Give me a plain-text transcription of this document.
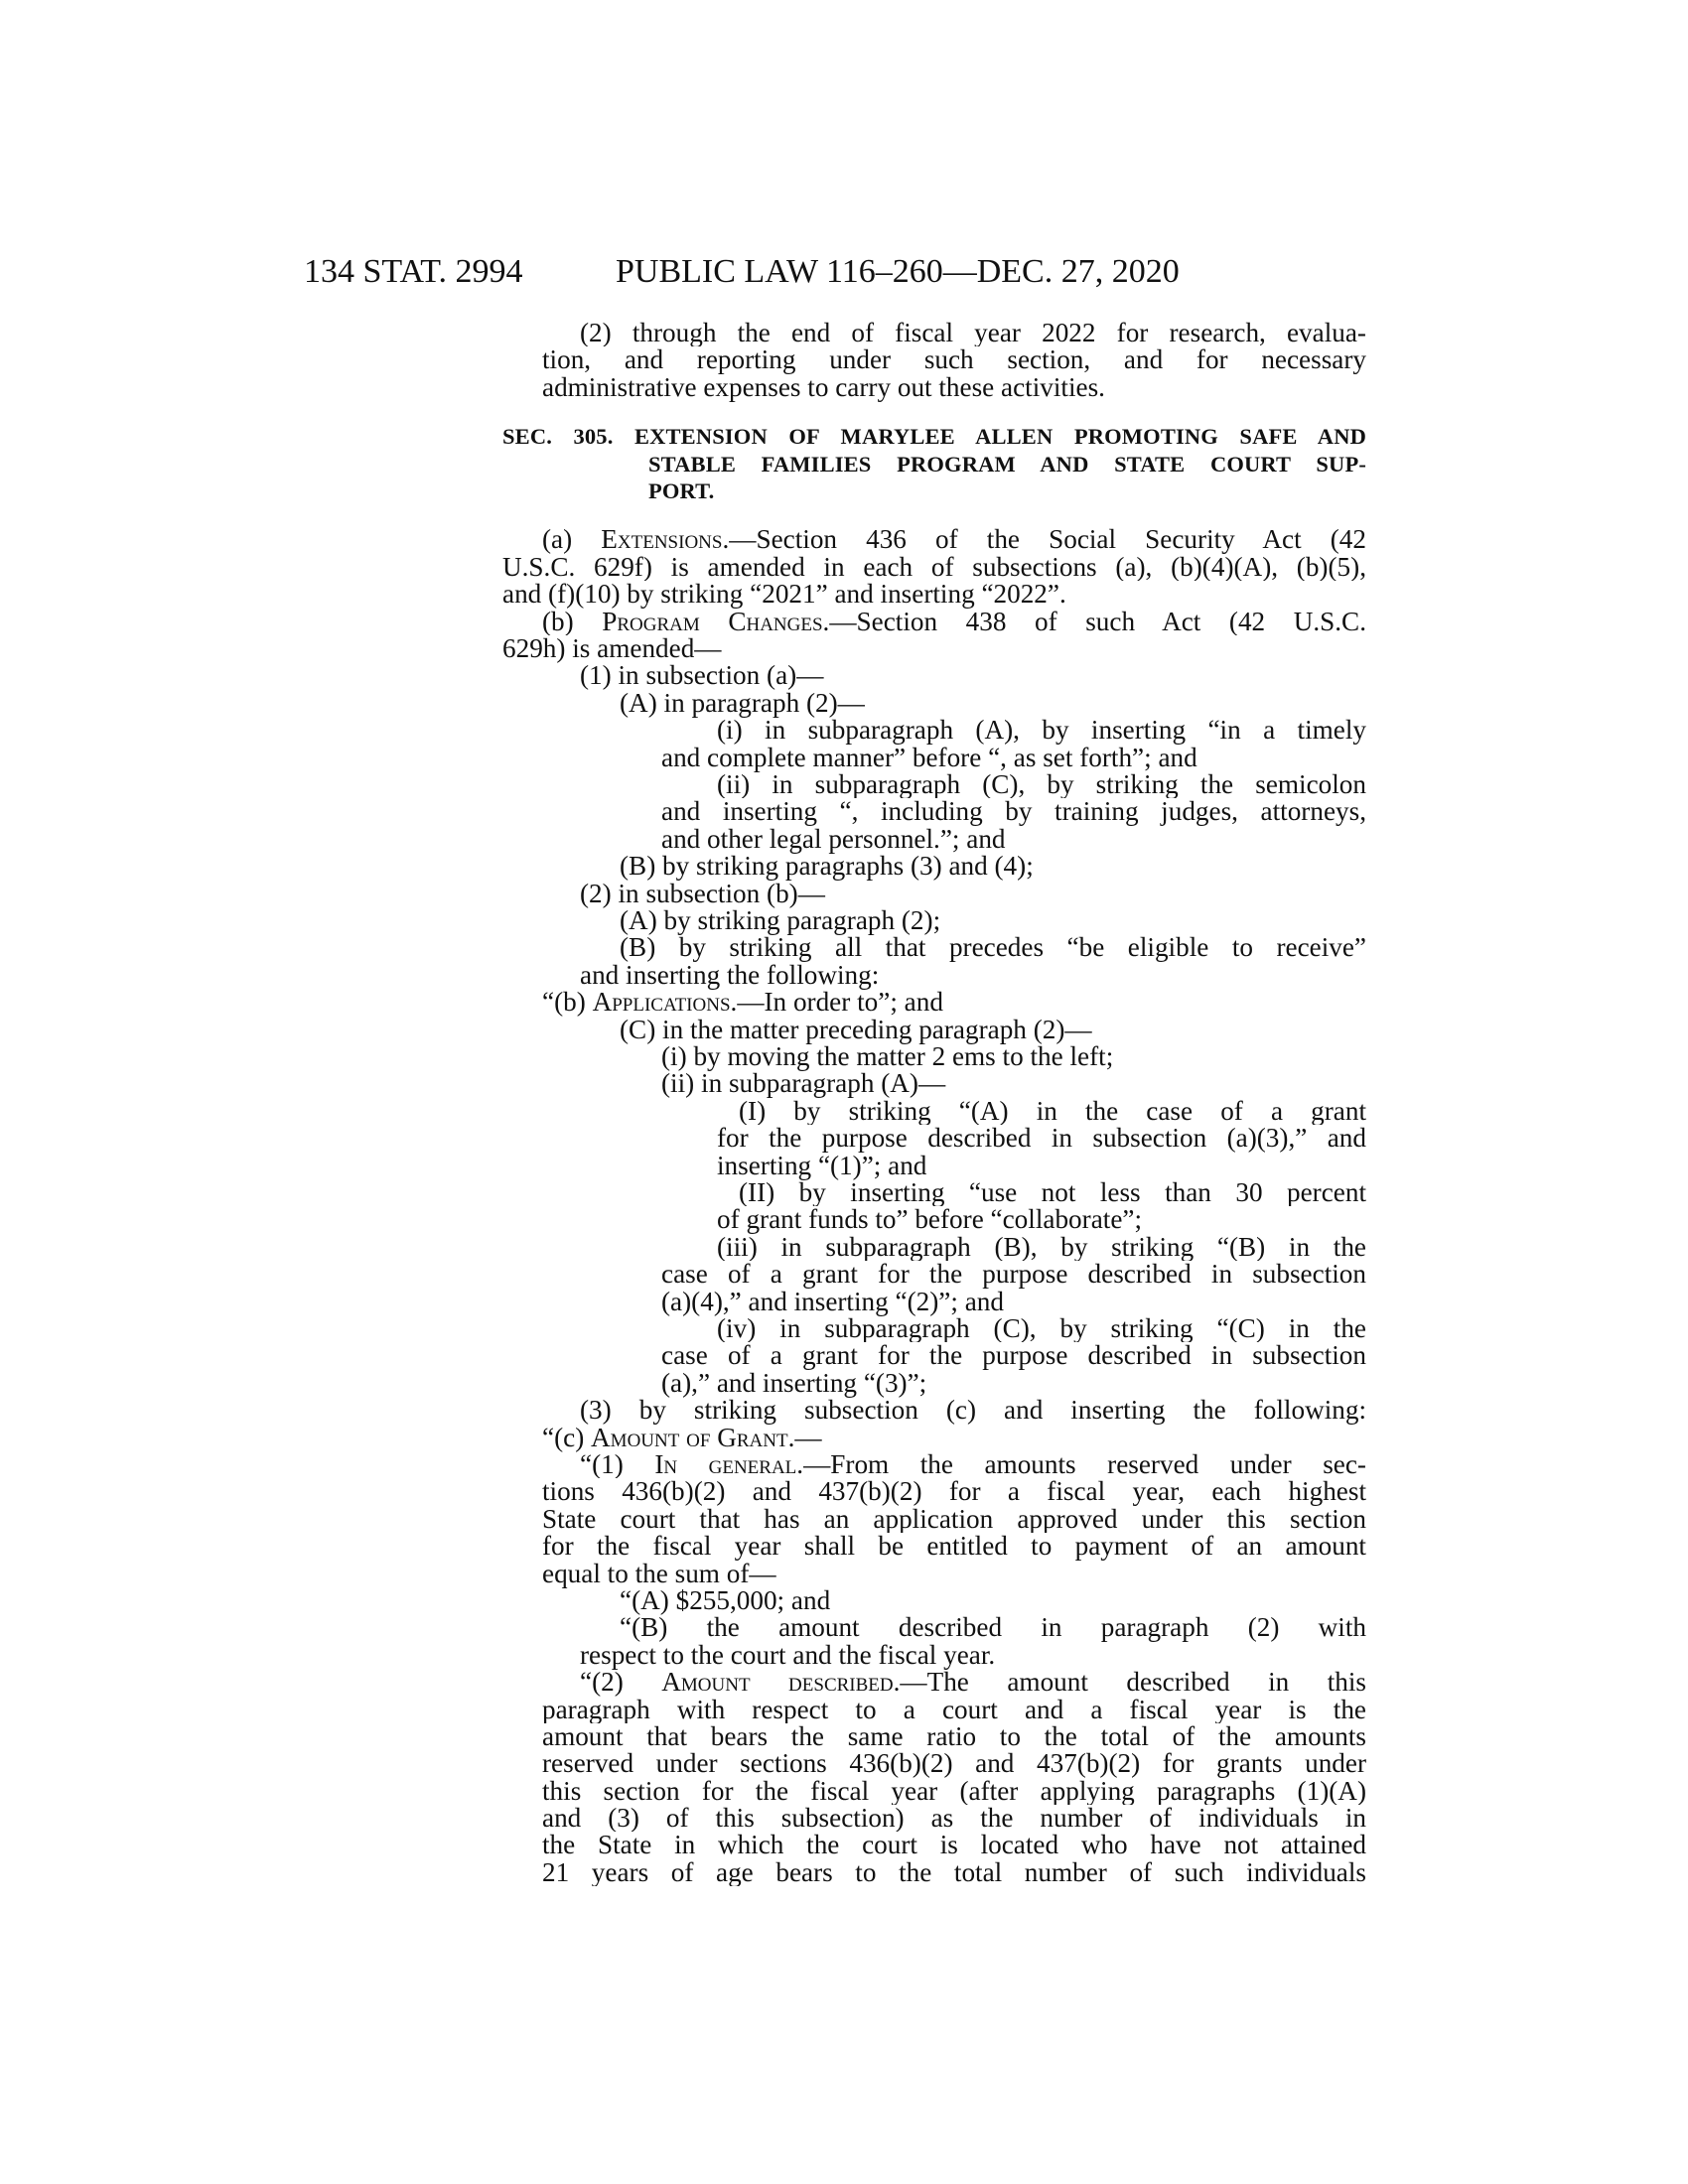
134 STAT. 2994	PUBLIC LAW 116–260—DEC. 27, 2020
(2) through the end of fiscal year 2022 for research, evalua-
tion, and reporting under such section, and for necessary
administrative expenses to carry out these activities.
SEC. 305. EXTENSION OF MARYLEE ALLEN PROMOTING SAFE AND
STABLE FAMILIES PROGRAM AND STATE COURT SUP-
PORT.
(a) Extensions.—Section 436 of the Social Security Act (42
U.S.C. 629f) is amended in each of subsections (a), (b)(4)(A), (b)(5),
and (f)(10) by striking “2021” and inserting “2022”.
(b) Program Changes.—Section 438 of such Act (42 U.S.C.
629h) is amended—
(1) in subsection (a)—
(A) in paragraph (2)—
(i) in subparagraph (A), by inserting “in a timely
and complete manner” before “, as set forth”; and
(ii) in subparagraph (C), by striking the semicolon
and inserting “, including by training judges, attorneys,
and other legal personnel.”; and
(B) by striking paragraphs (3) and (4);
(2) in subsection (b)—
(A) by striking paragraph (2);
(B) by striking all that precedes “be eligible to receive”
and inserting the following:
“(b) Applications.—In order to”; and
(C) in the matter preceding paragraph (2)—
(i) by moving the matter 2 ems to the left;
(ii) in subparagraph (A)—
(I) by striking “(A) in the case of a grant
for the purpose described in subsection (a)(3),” and
inserting “(1)”; and
(II) by inserting “use not less than 30 percent
of grant funds to” before “collaborate”;
(iii) in subparagraph (B), by striking “(B) in the
case of a grant for the purpose described in subsection
(a)(4),” and inserting “(2)”; and
(iv) in subparagraph (C), by striking “(C) in the
case of a grant for the purpose described in subsection
(a),” and inserting “(3)”;
(3) by striking subsection (c) and inserting the following:
“(c) Amount of Grant.—
“(1) In general.—From the amounts reserved under sec-
tions 436(b)(2) and 437(b)(2) for a fiscal year, each highest
State court that has an application approved under this section
for the fiscal year shall be entitled to payment of an amount
equal to the sum of—
“(A) $255,000; and
“(B) the amount described in paragraph (2) with
respect to the court and the fiscal year.
“(2) Amount described.—The amount described in this
paragraph with respect to a court and a fiscal year is the
amount that bears the same ratio to the total of the amounts
reserved under sections 436(b)(2) and 437(b)(2) for grants under
this section for the fiscal year (after applying paragraphs (1)(A)
and (3) of this subsection) as the number of individuals in
the State in which the court is located who have not attained
21 years of age bears to the total number of such individuals
